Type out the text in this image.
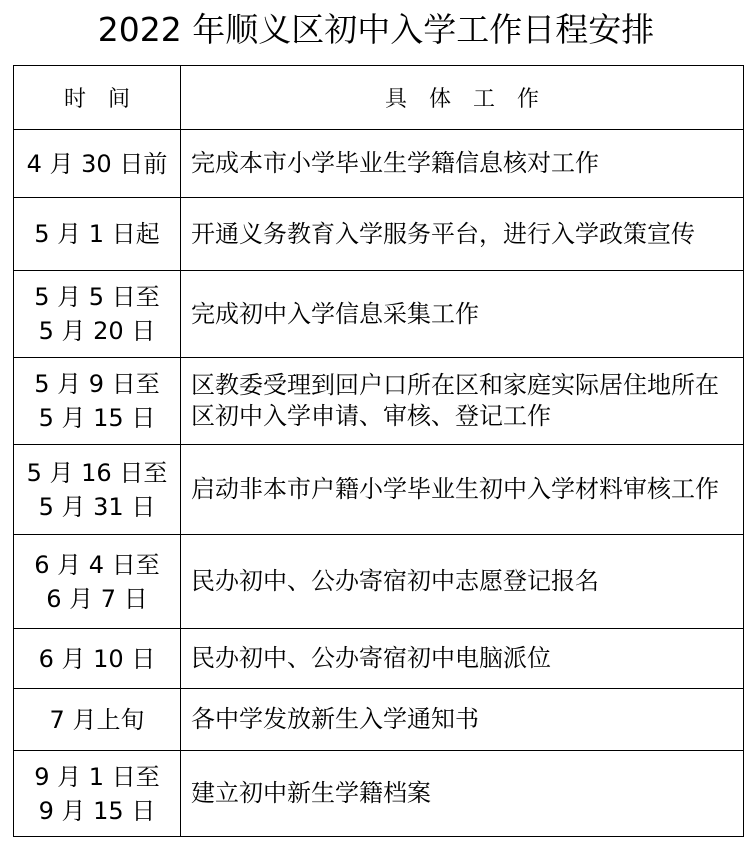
2022 年顺义区初中入学工作日程安排
时　间	具　体　工　作

4 月 30 日前	完成本市小学毕业生学籍信息核对工作

5 月 1 日起	开通义务教育入学服务平台，进行入学政策宣传

5 月 5 日至
5 月 20 日	完成初中入学信息采集工作

5 月 9 日至
5 月 15 日	区教委受理到回户口所在区和家庭实际居住地所在区初中入学申请、审核、登记工作

5 月 16 日至
5 月 31 日	启动非本市户籍小学毕业生初中入学材料审核工作

6 月 4 日至
6 月 7 日	民办初中、公办寄宿初中志愿登记报名

6 月 10 日	民办初中、公办寄宿初中电脑派位

7 月上旬	各中学发放新生入学通知书

9 月 1 日至
9 月 15 日	建立初中新生学籍档案
